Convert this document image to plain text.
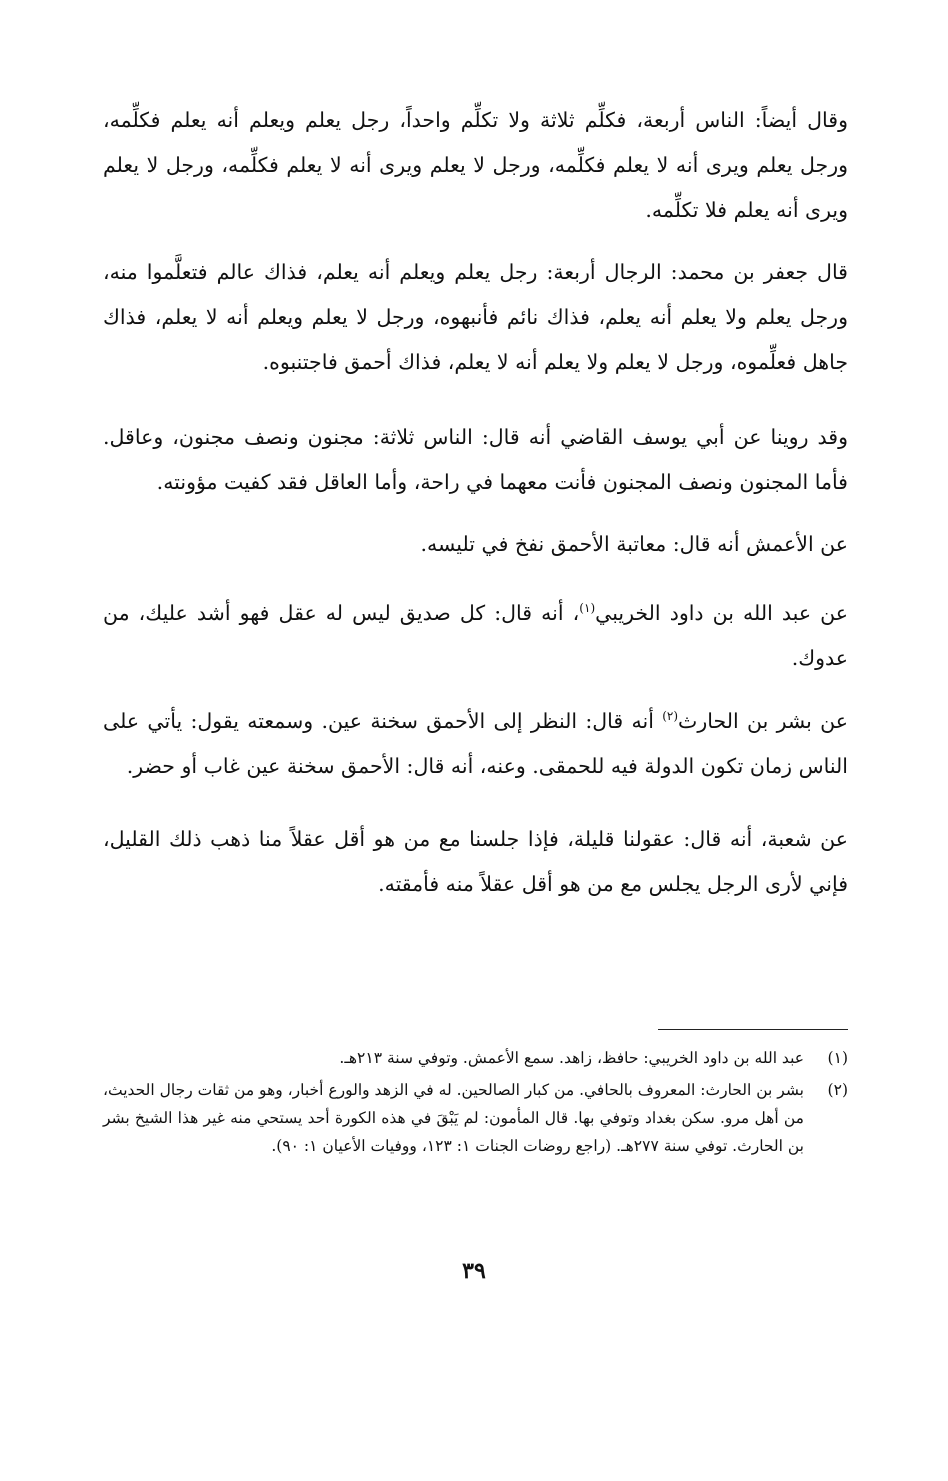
وقال أيضاً: الناس أربعة، فكلِّم ثلاثة ولا تكلِّم واحداً، رجل يعلم ويعلم أنه يعلم فكلِّمه، ورجل يعلم ويرى أنه لا يعلم فكلِّمه، ورجل لا يعلم ويرى أنه لا يعلم فكلِّمه، ورجل لا يعلم ويرى أنه يعلم فلا تكلِّمه.

قال جعفر بن محمد: الرجال أربعة: رجل يعلم ويعلم أنه يعلم، فذاك عالم فتعلَّموا منه، ورجل يعلم ولا يعلم أنه يعلم، فذاك نائم فأنبهوه، ورجل لا يعلم ويعلم أنه لا يعلم، فذاك جاهل فعلِّموه، ورجل لا يعلم ولا يعلم أنه لا يعلم، فذاك أحمق فاجتنبوه.

وقد روينا عن أبي يوسف القاضي أنه قال: الناس ثلاثة: مجنون ونصف مجنون، وعاقل. فأما المجنون ونصف المجنون فأنت معهما في راحة، وأما العاقل فقد كفيت مؤونته.

عن الأعمش أنه قال: معاتبة الأحمق نفخ في تليسه.

عن عبد الله بن داود الخريبي$^{(١)}$، أنه قال: كل صديق ليس له عقل فهو أشد عليك، من عدوك.

عن بشر بن الحارث$^{(٢)}$ أنه قال: النظر إلى الأحمق سخنة عين. وسمعته يقول: يأتي على الناس زمان تكون الدولة فيه للحمقى. وعنه، أنه قال: الأحمق سخنة عين غاب أو حضر.

عن شعبة، أنه قال: عقولنا قليلة، فإذا جلسنا مع من هو أقل عقلاً منا ذهب ذلك القليل، فإني لأرى الرجل يجلس مع من هو أقل عقلاً منه فأمقته.

(١)
عبد الله بن داود الخريبي: حافظ، زاهد. سمع الأعمش. وتوفي سنة ٢١٣هـ.
(٢)
بشر بن الحارث: المعروف بالحافي. من كبار الصالحين. له في الزهد والورع أخبار، وهو من ثقات رجال الحديث، من أهل مرو. سكن بغداد وتوفي بها. قال المأمون: لم يَبْقَ في هذه الكورة أحد يستحي منه غير هذا الشيخ بشر بن الحارث. توفي سنة ٢٧٧هـ. (راجع روضات الجنات ١: ١٢٣، ووفيات الأعيان ١: ٩٠).
٣٩
